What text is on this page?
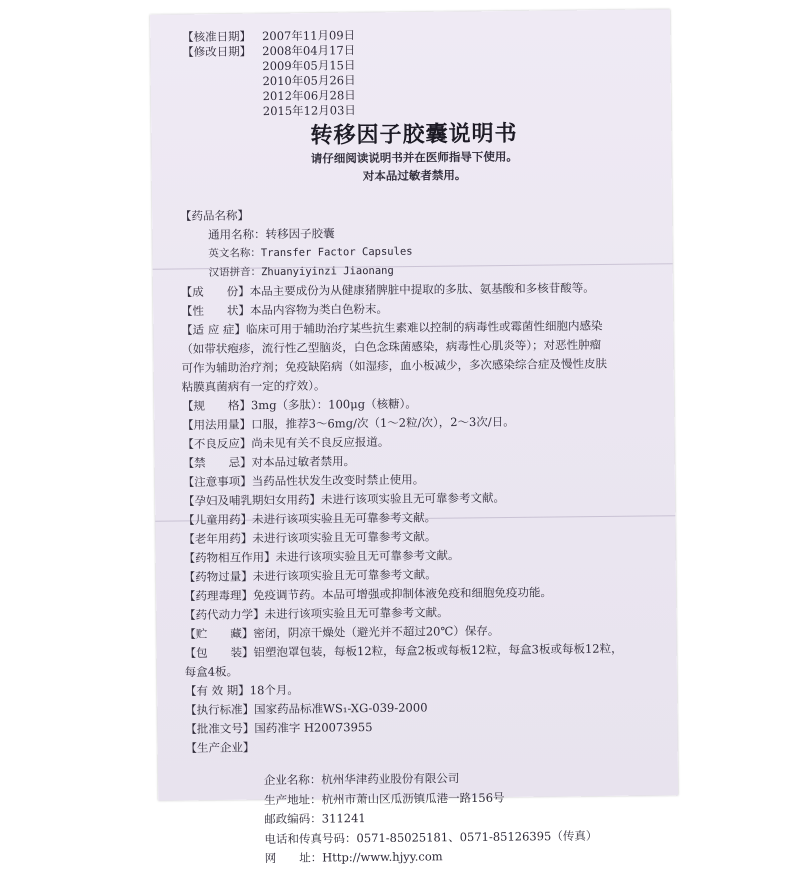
【核准日期】 2007年11月09日
【修改日期】 2008年04月17日
2009年05月15日
2010年05月26日
2012年06月28日
2015年12月03日
转移因子胶囊说明书
请仔细阅读说明书并在医师指导下使用。
对本品过敏者禁用。
【药品名称】
通用名称：转移因子胶囊
英文名称：Transfer Factor Capsules
汉语拼音：Zhuanyiyinzi Jiaonang
【成　　份】 本品主要成份为从健康猪脾脏中提取的多肽、氨基酸和多核苷酸等。
【性　　状】 本品内容物为类白色粉末。
【适 应 症】 临床可用于辅助治疗某些抗生素难以控制的病毒性或霉菌性细胞内感染
（如带状疱疹，流行性乙型脑炎，白色念珠菌感染，病毒性心肌炎等）；对恶性肿瘤
可作为辅助治疗剂；免疫缺陷病（如湿疹，血小板减少，多次感染综合症及慢性皮肤
粘膜真菌病有一定的疗效）。
【规　　格】 3mg（多肽）：100μg（核糖）。
【用法用量】 口服，推荐3～6mg/次（1～2粒/次），2～3次/日。
【不良反应】 尚未见有关不良反应报道。
【禁　　忌】 对本品过敏者禁用。
【注意事项】 当药品性状发生改变时禁止使用。
【孕妇及哺乳期妇女用药】 未进行该项实验且无可靠参考文献。
【儿童用药】 未进行该项实验且无可靠参考文献。
【老年用药】 未进行该项实验且无可靠参考文献。
【药物相互作用】 未进行该项实验且无可靠参考文献。
【药物过量】 未进行该项实验且无可靠参考文献。
【药理毒理】 免疫调节药。本品可增强或抑制体液免疫和细胞免疫功能。
【药代动力学】 未进行该项实验且无可靠参考文献。
【贮　　藏】 密闭，阴凉干燥处（避光并不超过20℃）保存。
【包　　装】 铝塑泡罩包装，每板12粒，每盒2板或每板12粒，每盒3板或每板12粒，
每盒4板。
【有 效 期】 18个月。
【执行标准】 国家药品标准WS₁-XG-039-2000
【批准文号】 国药准字 H20073955
【生产企业】
企业名称：杭州华津药业股份有限公司
生产地址：杭州市萧山区瓜沥镇瓜港一路156号
邮政编码：311241
电话和传真号码：0571-85025181、0571-85126395（传真）
网　　址： Http://www.hjyy.com
